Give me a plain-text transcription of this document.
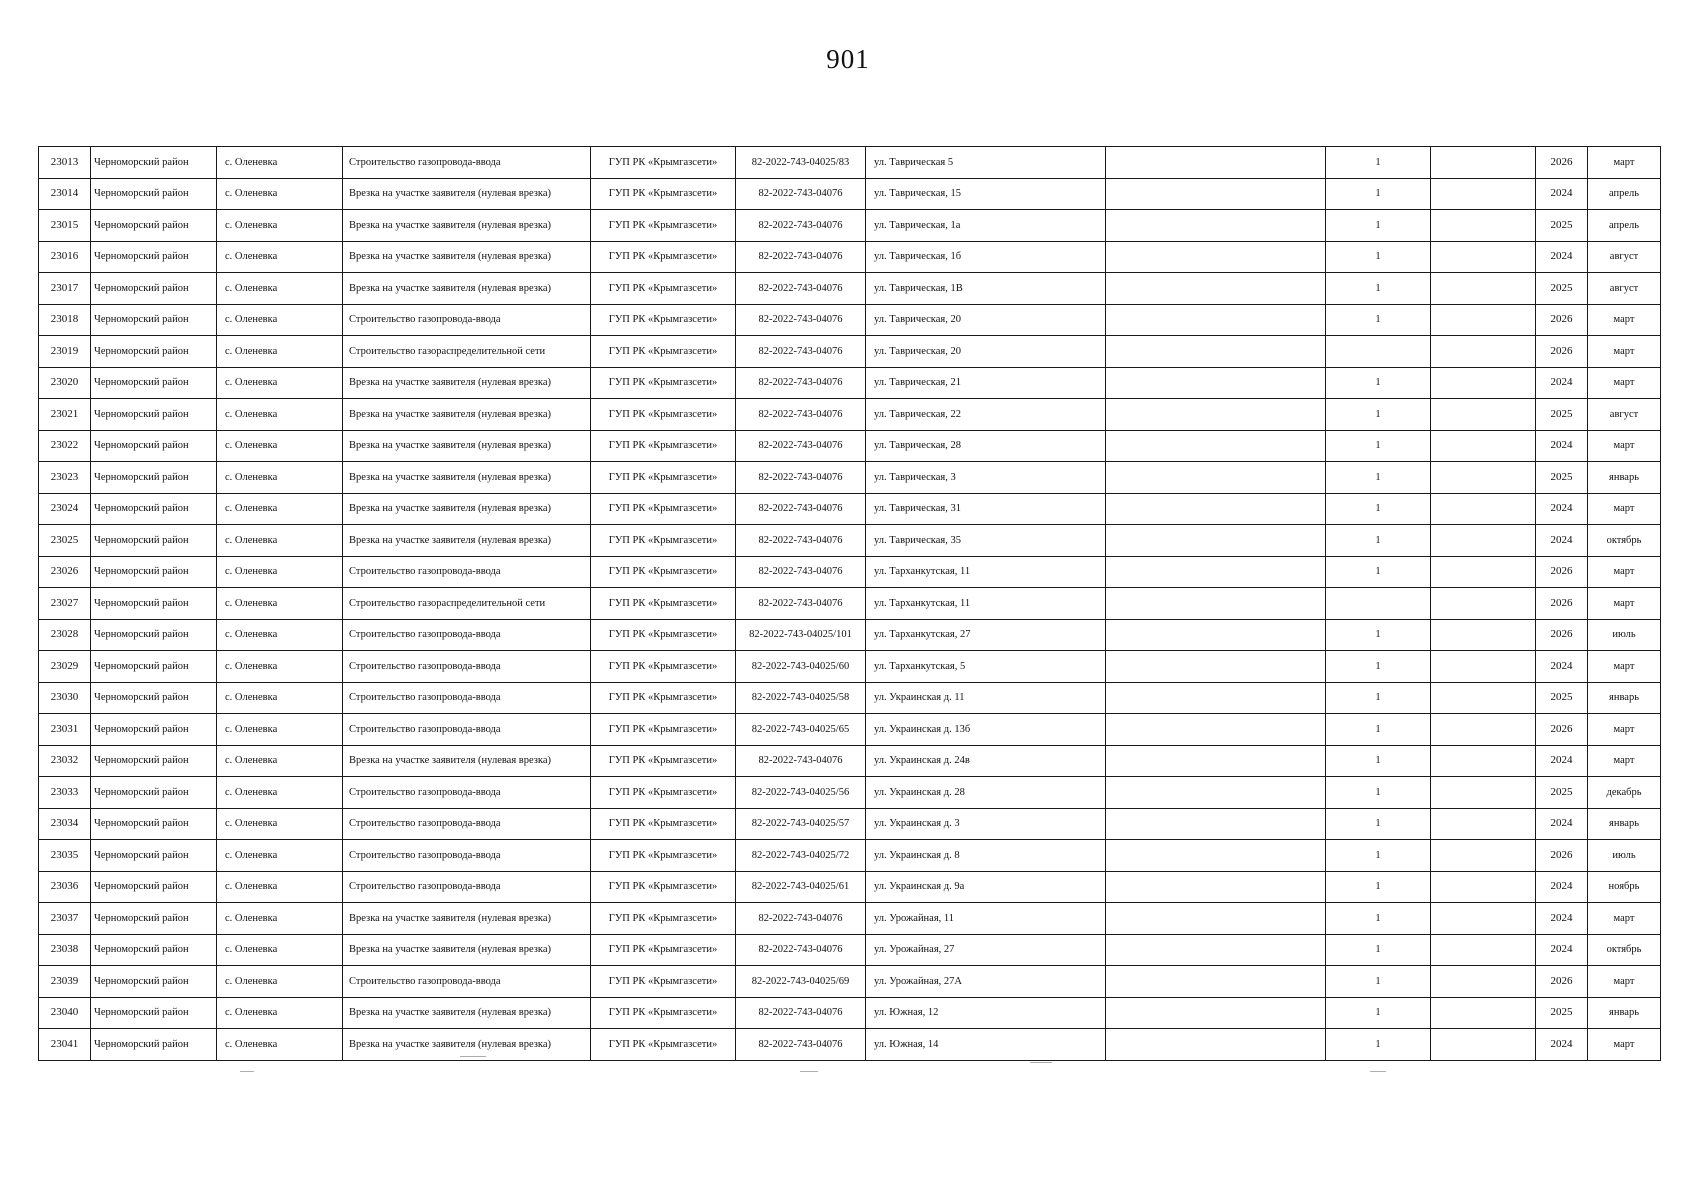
901
23013	Черноморский район	с. Оленевка	Строительство газопровода-ввода	ГУП РК «Крымгазсети»	82-2022-743-04025/83	ул. Таврическая 5		1		2026	март
23014	Черноморский район	с. Оленевка	Врезка на участке заявителя (нулевая врезка)	ГУП РК «Крымгазсети»	82-2022-743-04076	ул. Таврическая, 15		1		2024	апрель
23015	Черноморский район	с. Оленевка	Врезка на участке заявителя (нулевая врезка)	ГУП РК «Крымгазсети»	82-2022-743-04076	ул. Таврическая, 1а		1		2025	апрель
23016	Черноморский район	с. Оленевка	Врезка на участке заявителя (нулевая врезка)	ГУП РК «Крымгазсети»	82-2022-743-04076	ул. Таврическая, 1б		1		2024	август
23017	Черноморский район	с. Оленевка	Врезка на участке заявителя (нулевая врезка)	ГУП РК «Крымгазсети»	82-2022-743-04076	ул. Таврическая, 1В		1		2025	август
23018	Черноморский район	с. Оленевка	Строительство газопровода-ввода	ГУП РК «Крымгазсети»	82-2022-743-04076	ул. Таврическая, 20		1		2026	март
23019	Черноморский район	с. Оленевка	Строительство газораспределительной сети	ГУП РК «Крымгазсети»	82-2022-743-04076	ул. Таврическая, 20				2026	март
23020	Черноморский район	с. Оленевка	Врезка на участке заявителя (нулевая врезка)	ГУП РК «Крымгазсети»	82-2022-743-04076	ул. Таврическая, 21		1		2024	март
23021	Черноморский район	с. Оленевка	Врезка на участке заявителя (нулевая врезка)	ГУП РК «Крымгазсети»	82-2022-743-04076	ул. Таврическая, 22		1		2025	август
23022	Черноморский район	с. Оленевка	Врезка на участке заявителя (нулевая врезка)	ГУП РК «Крымгазсети»	82-2022-743-04076	ул. Таврическая, 28		1		2024	март
23023	Черноморский район	с. Оленевка	Врезка на участке заявителя (нулевая врезка)	ГУП РК «Крымгазсети»	82-2022-743-04076	ул. Таврическая, 3		1		2025	январь
23024	Черноморский район	с. Оленевка	Врезка на участке заявителя (нулевая врезка)	ГУП РК «Крымгазсети»	82-2022-743-04076	ул. Таврическая, 31		1		2024	март
23025	Черноморский район	с. Оленевка	Врезка на участке заявителя (нулевая врезка)	ГУП РК «Крымгазсети»	82-2022-743-04076	ул. Таврическая, 35		1		2024	октябрь
23026	Черноморский район	с. Оленевка	Строительство газопровода-ввода	ГУП РК «Крымгазсети»	82-2022-743-04076	ул. Тарханкутская, 11		1		2026	март
23027	Черноморский район	с. Оленевка	Строительство газораспределительной сети	ГУП РК «Крымгазсети»	82-2022-743-04076	ул. Тарханкутская, 11				2026	март
23028	Черноморский район	с. Оленевка	Строительство газопровода-ввода	ГУП РК «Крымгазсети»	82-2022-743-04025/101	ул. Тарханкутская, 27		1		2026	июль
23029	Черноморский район	с. Оленевка	Строительство газопровода-ввода	ГУП РК «Крымгазсети»	82-2022-743-04025/60	ул. Тарханкутская, 5		1		2024	март
23030	Черноморский район	с. Оленевка	Строительство газопровода-ввода	ГУП РК «Крымгазсети»	82-2022-743-04025/58	ул. Украинская д. 11		1		2025	январь
23031	Черноморский район	с. Оленевка	Строительство газопровода-ввода	ГУП РК «Крымгазсети»	82-2022-743-04025/65	ул. Украинская д. 13б		1		2026	март
23032	Черноморский район	с. Оленевка	Врезка на участке заявителя (нулевая врезка)	ГУП РК «Крымгазсети»	82-2022-743-04076	ул. Украинская д. 24в		1		2024	март
23033	Черноморский район	с. Оленевка	Строительство газопровода-ввода	ГУП РК «Крымгазсети»	82-2022-743-04025/56	ул. Украинская д. 28		1		2025	декабрь
23034	Черноморский район	с. Оленевка	Строительство газопровода-ввода	ГУП РК «Крымгазсети»	82-2022-743-04025/57	ул. Украинская д. 3		1		2024	январь
23035	Черноморский район	с. Оленевка	Строительство газопровода-ввода	ГУП РК «Крымгазсети»	82-2022-743-04025/72	ул. Украинская д. 8		1		2026	июль
23036	Черноморский район	с. Оленевка	Строительство газопровода-ввода	ГУП РК «Крымгазсети»	82-2022-743-04025/61	ул. Украинская д. 9а		1		2024	ноябрь
23037	Черноморский район	с. Оленевка	Врезка на участке заявителя (нулевая врезка)	ГУП РК «Крымгазсети»	82-2022-743-04076	ул. Урожайная, 11		1		2024	март
23038	Черноморский район	с. Оленевка	Врезка на участке заявителя (нулевая врезка)	ГУП РК «Крымгазсети»	82-2022-743-04076	ул. Урожайная, 27		1		2024	октябрь
23039	Черноморский район	с. Оленевка	Строительство газопровода-ввода	ГУП РК «Крымгазсети»	82-2022-743-04025/69	ул. Урожайная, 27А		1		2026	март
23040	Черноморский район	с. Оленевка	Врезка на участке заявителя (нулевая врезка)	ГУП РК «Крымгазсети»	82-2022-743-04076	ул. Южная, 12		1		2025	январь
23041	Черноморский район	с. Оленевка	Врезка на участке заявителя (нулевая врезка)	ГУП РК «Крымгазсети»	82-2022-743-04076	ул. Южная, 14		1		2024	март
